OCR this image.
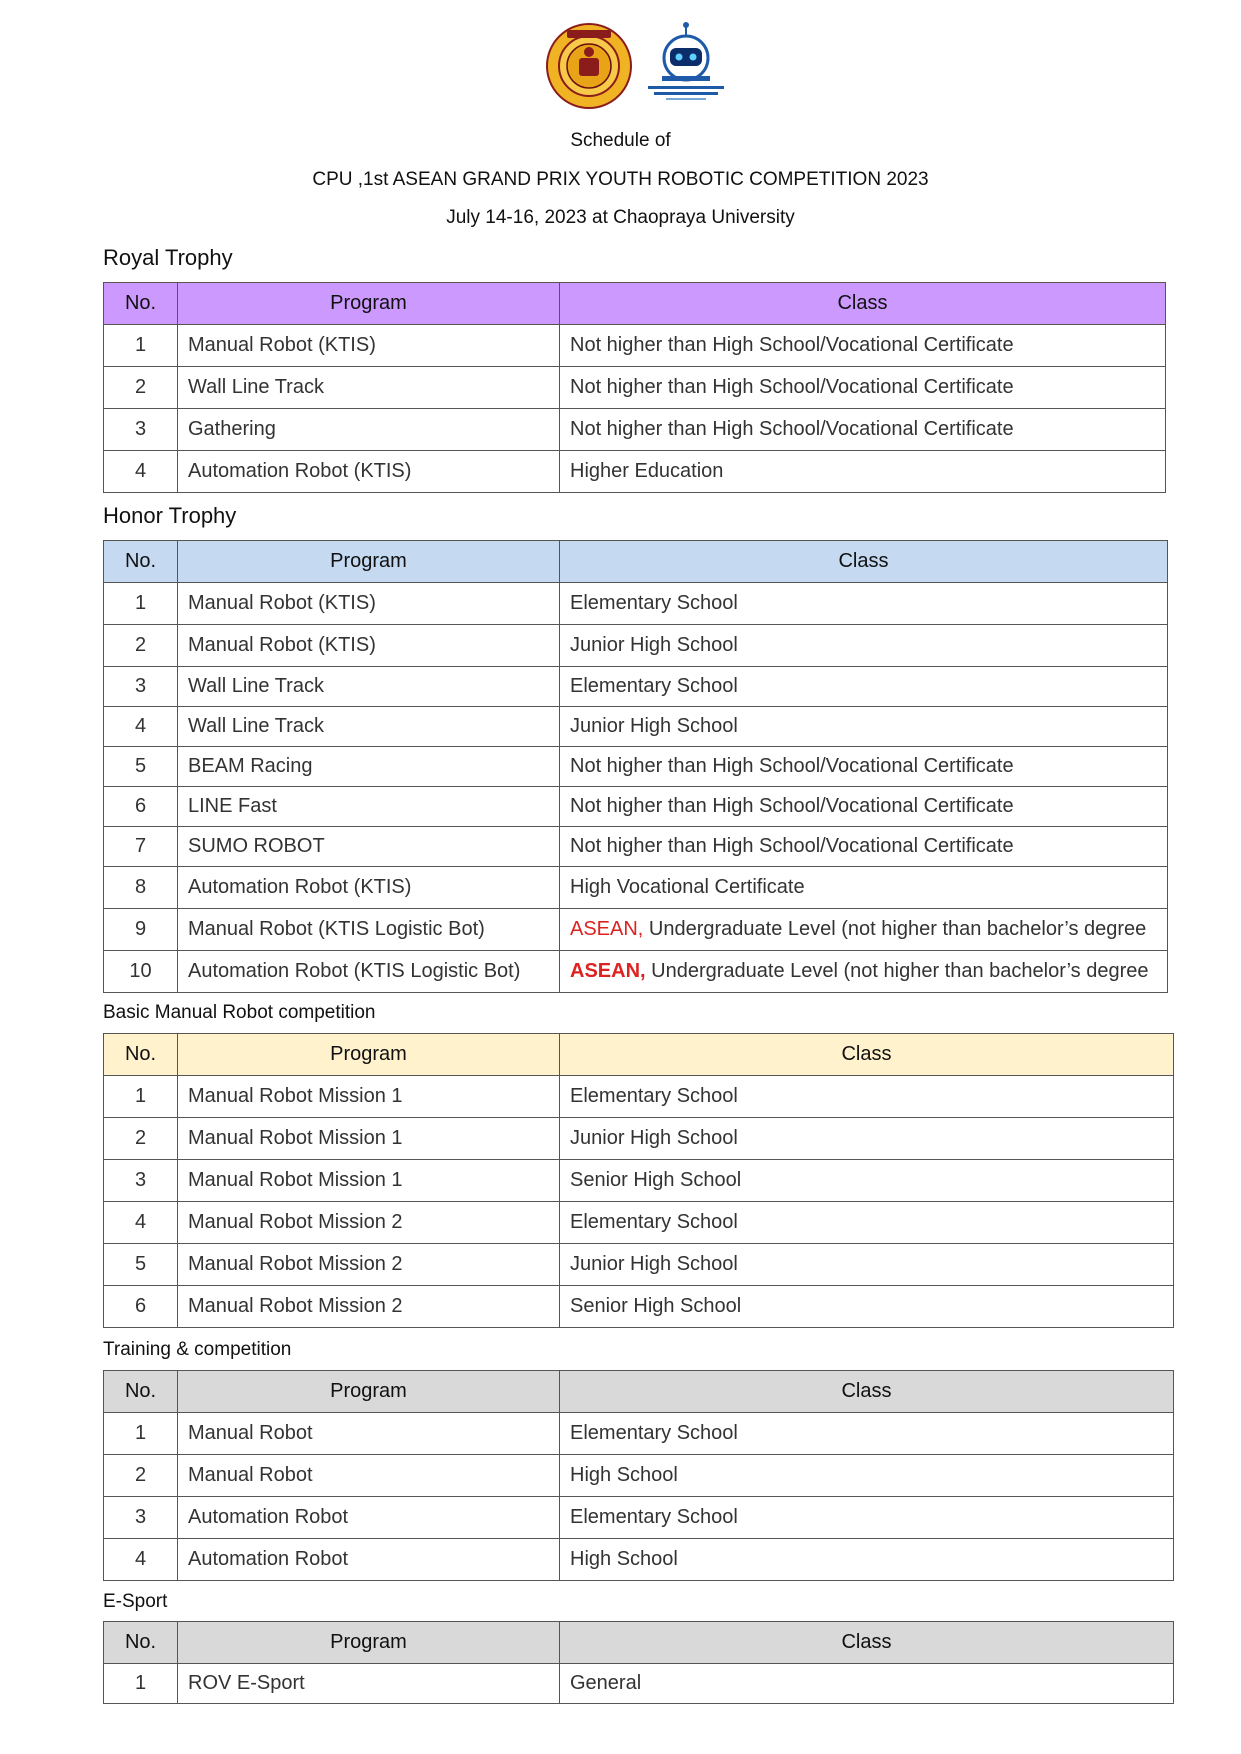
Schedule of
CPU ,1st ASEAN GRAND PRIX YOUTH ROBOTIC COMPETITION 2023
July 14-16, 2023 at Chaopraya University
Royal Trophy
No.	Program	Class
1	Manual Robot (KTIS)	Not higher than High School/Vocational Certificate
2	Wall Line Track	Not higher than High School/Vocational Certificate
3	Gathering	Not higher than High School/Vocational Certificate
4	Automation Robot (KTIS)	Higher Education
Honor Trophy
No.	Program	Class
1	Manual Robot (KTIS)	Elementary School
2	Manual Robot (KTIS)	Junior High School
3	Wall Line Track	Elementary School
4	Wall Line Track	Junior High School
5	BEAM Racing	Not higher than High School/Vocational Certificate
6	LINE Fast	Not higher than High School/Vocational Certificate
7	SUMO ROBOT	Not higher than High School/Vocational Certificate
8	Automation Robot (KTIS)	High Vocational Certificate
9	Manual Robot (KTIS Logistic Bot)	ASEAN, Undergraduate Level (not higher than bachelor’s degree
10	Automation Robot (KTIS Logistic Bot)	ASEAN, Undergraduate Level (not higher than bachelor’s degree
Basic Manual Robot competition
No.	Program	Class
1	Manual Robot Mission 1	Elementary School
2	Manual Robot Mission 1	Junior High School
3	Manual Robot Mission 1	Senior High School
4	Manual Robot Mission 2	Elementary School
5	Manual Robot Mission 2	Junior High School
6	Manual Robot Mission 2	Senior High School
Training & competition
No.	Program	Class
1	Manual Robot	Elementary School
2	Manual Robot	High School
3	Automation Robot	Elementary School
4	Automation Robot	High School
E-Sport
No.	Program	Class
1	ROV E-Sport	General
